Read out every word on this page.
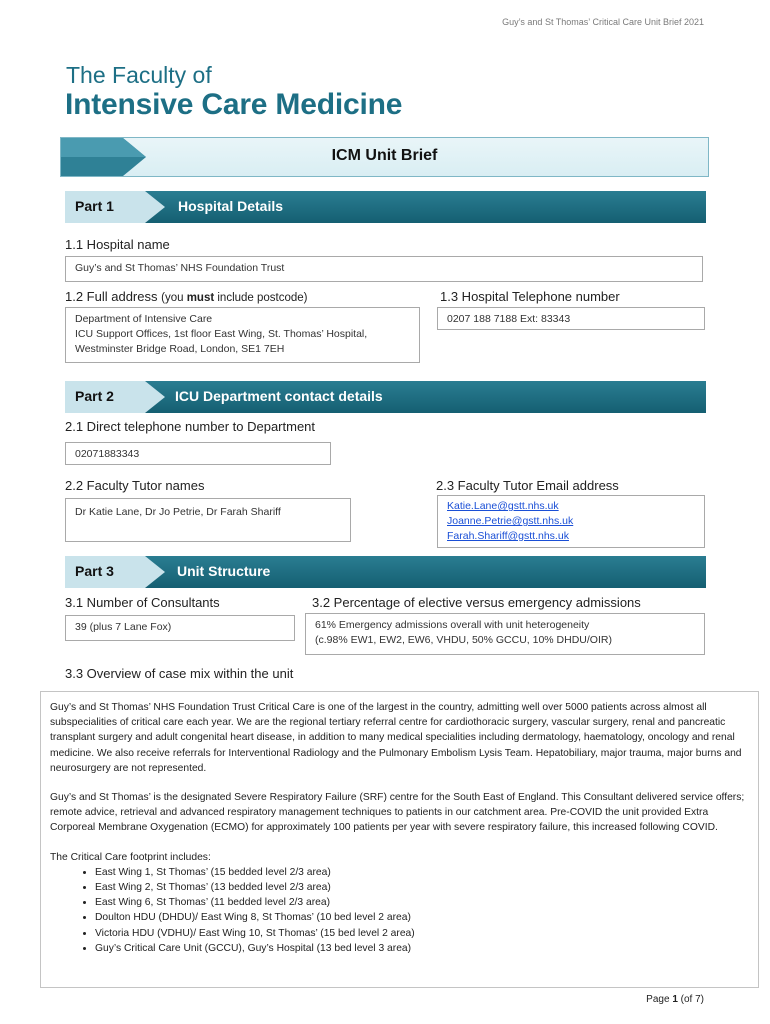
Guy’s and St Thomas’ Critical Care Unit Brief 2021
The Faculty of
Intensive Care Medicine
ICM Unit Brief
Part 1	Hospital Details
1.1 Hospital name
Guy’s and St Thomas’ NHS Foundation Trust
1.2 Full address (you must include postcode)
Department of Intensive Care
ICU Support Offices, 1st floor East Wing, St. Thomas’ Hospital,
Westminster Bridge Road, London, SE1 7EH
1.3 Hospital Telephone number
0207 188 7188 Ext: 83343
Part 2	ICU Department contact details
2.1 Direct telephone number to Department
02071883343
2.2 Faculty Tutor names
Dr Katie Lane, Dr Jo Petrie, Dr Farah Shariff
2.3 Faculty Tutor Email address
Katie.Lane@gstt.nhs.uk
Joanne.Petrie@gstt.nhs.uk
Farah.Shariff@gstt.nhs.uk
Part 3	Unit Structure
3.1 Number of Consultants
39 (plus 7 Lane Fox)
3.2 Percentage of elective versus emergency admissions
61% Emergency admissions overall with unit heterogeneity
(c.98% EW1, EW2, EW6, VHDU, 50% GCCU, 10% DHDU/OIR)
3.3 Overview of case mix within the unit

Guy’s and St Thomas’ NHS Foundation Trust Critical Care is one of the largest in the country, admitting well over 5000 patients across almost all subspecialities of critical care each year. We are the regional tertiary referral centre for cardiothoracic surgery, vascular surgery, renal and pancreatic transplant surgery and adult congenital heart disease, in addition to many medical specialities including dermatology, haematology, oncology and renal medicine. We also receive referrals for Interventional Radiology and the Pulmonary Embolism Lysis Team. Hepatobiliary, major trauma, major burns and neurosurgery are not represented.

Guy’s and St Thomas’ is the designated Severe Respiratory Failure (SRF) centre for the South East of England. This Consultant delivered service offers; remote advice, retrieval and advanced respiratory management techniques to patients in our catchment area. Pre-COVID the unit provided Extra Corporeal Membrane Oxygenation (ECMO) for approximately 100 patients per year with severe respiratory failure, this increased following COVID.

The Critical Care footprint includes:
• East Wing 1, St Thomas’ (15 bedded level 2/3 area)
• East Wing 2, St Thomas’ (13 bedded level 2/3 area)
• East Wing 6, St Thomas’ (11 bedded level 2/3 area)
• Doulton HDU (DHDU)/ East Wing 8, St Thomas’ (10 bed level 2 area)
• Victoria HDU (VDHU)/ East Wing 10, St Thomas’ (15 bed level 2 area)
• Guy’s Critical Care Unit (GCCU), Guy’s Hospital (13 bed level 3 area)
Page 1 (of 7)
